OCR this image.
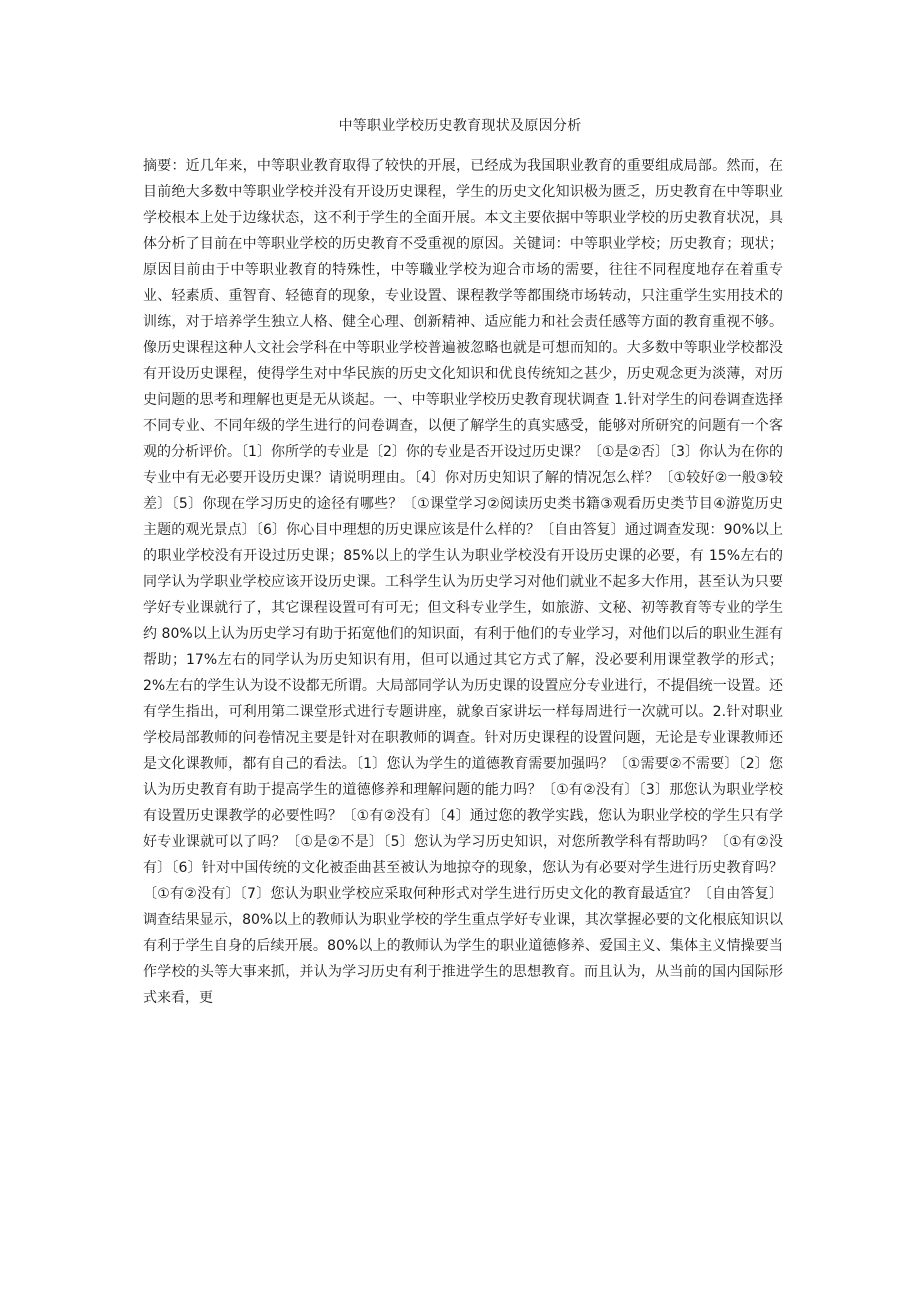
中等职业学校历史教育现状及原因分析

摘要：近几年来，中等职业教育取得了较快的开展，已经成为我国职业教育的重要组成局部。然而，在目前绝大多数中等职业学校并没有开设历史课程，学生的历史文化知识极为匮乏，历史教育在中等职业学校根本上处于边缘状态，这不利于学生的全面开展。本文主要依据中等职业学校的历史教育状况，具体分析了目前在中等职业学校的历史教育不受重视的原因。关键词：中等职业学校；历史教育；现状；原因目前由于中等职业教育的特殊性，中等職业学校为迎合市场的需要，往往不同程度地存在着重专业、轻素质、重智育、轻德育的现象，专业设置、课程教学等都围绕市场转动，只注重学生实用技术的训练，对于培养学生独立人格、健全心理、创新精神、适应能力和社会责任感等方面的教育重视不够。像历史课程这种人文社会学科在中等职业学校普遍被忽略也就是可想而知的。大多数中等职业学校都没有开设历史课程，使得学生对中华民族的历史文化知识和优良传统知之甚少，历史观念更为淡薄，对历史问题的思考和理解也更是无从谈起。一、中等职业学校历史教育现状调查 1.针对学生的问卷调查选择不同专业、不同年级的学生进行的问卷调查，以便了解学生的真实感受，能够对所研究的问题有一个客观的分析评价。〔1〕你所学的专业是〔2〕你的专业是否开设过历史课？〔①是②否〕〔3〕你认为在你的专业中有无必要开设历史课？请说明理由。〔4〕你对历史知识了解的情况怎么样？〔①较好②一般③较差〕〔5〕你现在学习历史的途径有哪些？〔①课堂学习②阅读历史类书籍③观看历史类节目④游览历史主题的观光景点〕〔6〕你心目中理想的历史课应该是什么样的？〔自由答复〕通过调查发现：90%以上的职业学校没有开设过历史课；85%以上的学生认为职业学校没有开设历史课的必要，有 15%左右的同学认为学职业学校应该开设历史课。工科学生认为历史学习对他们就业不起多大作用，甚至认为只要学好专业课就行了，其它课程设置可有可无；但文科专业学生，如旅游、文秘、初等教育等专业的学生约 80%以上认为历史学习有助于拓宽他们的知识面，有利于他们的专业学习，对他们以后的职业生涯有帮助；17%左右的同学认为历史知识有用，但可以通过其它方式了解，没必要利用课堂教学的形式；2%左右的学生认为设不设都无所谓。大局部同学认为历史课的设置应分专业进行，不提倡统一设置。还有学生指出，可利用第二课堂形式进行专题讲座，就象百家讲坛一样每周进行一次就可以。2.针对职业学校局部教师的问卷情况主要是针对在职教师的调查。针对历史课程的设置问题，无论是专业课教师还是文化课教师，都有自己的看法。〔1〕您认为学生的道德教育需要加强吗？〔①需要②不需要〕〔2〕您认为历史教育有助于提高学生的道德修养和理解问题的能力吗？〔①有②没有〕〔3〕那您认为职业学校有设置历史课教学的必要性吗？〔①有②没有〕〔4〕通过您的教学实践，您认为职业学校的学生只有学好专业课就可以了吗？〔①是②不是〕〔5〕您认为学习历史知识，对您所教学科有帮助吗？〔①有②没有〕〔6〕针对中国传统的文化被歪曲甚至被认为地掠夺的现象，您认为有必要对学生进行历史教育吗？〔①有②没有〕〔7〕您认为职业学校应采取何种形式对学生进行历史文化的教育最适宜？〔自由答复〕调查结果显示，80%以上的教师认为职业学校的学生重点学好专业课，其次掌握必要的文化根底知识以有利于学生自身的后续开展。80%以上的教师认为学生的职业道德修养、爱国主义、集体主义情操要当作学校的头等大事来抓，并认为学习历史有利于推进学生的思想教育。而且认为，从当前的国内国际形式来看，更
